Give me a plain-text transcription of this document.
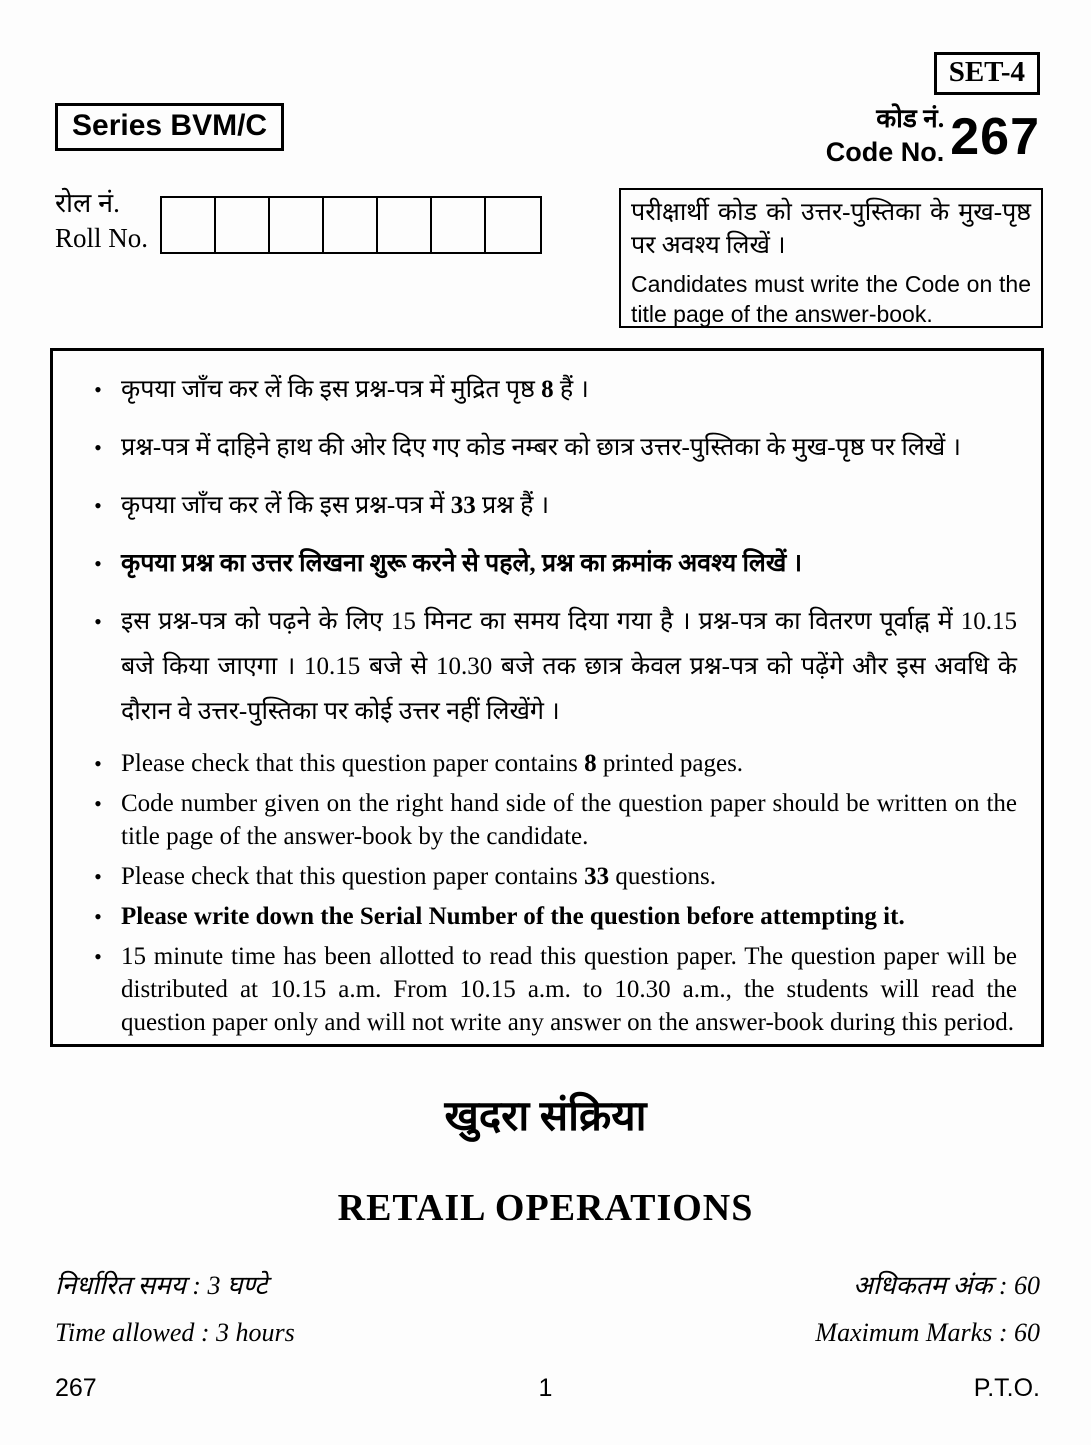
SET-4
Series BVM/C	कोड नं.
Code No. 267
रोल नं.
Roll No.
परीक्षार्थी कोड को उत्तर-पुस्तिका के मुख-पृष्ठ पर अवश्य लिखें ।
Candidates must write the Code on the title page of the answer-book.
• कृपया जाँच कर लें कि इस प्रश्न-पत्र में मुद्रित पृष्ठ 8 हैं ।
• प्रश्न-पत्र में दाहिने हाथ की ओर दिए गए कोड नम्बर को छात्र उत्तर-पुस्तिका के मुख-पृष्ठ पर लिखें ।
• कृपया जाँच कर लें कि इस प्रश्न-पत्र में 33 प्रश्न हैं ।
• कृपया प्रश्न का उत्तर लिखना शुरू करने से पहले, प्रश्न का क्रमांक अवश्य लिखें ।
• इस प्रश्न-पत्र को पढ़ने के लिए 15 मिनट का समय दिया गया है । प्रश्न-पत्र का वितरण पूर्वाह्न में 10.15 बजे किया जाएगा । 10.15 बजे से 10.30 बजे तक छात्र केवल प्रश्न-पत्र को पढ़ेंगे और इस अवधि के दौरान वे उत्तर-पुस्तिका पर कोई उत्तर नहीं लिखेंगे ।
• Please check that this question paper contains 8 printed pages.
• Code number given on the right hand side of the question paper should be written on the title page of the answer-book by the candidate.
• Please check that this question paper contains 33 questions.
• Please write down the Serial Number of the question before attempting it.
• 15 minute time has been allotted to read this question paper. The question paper will be distributed at 10.15 a.m. From 10.15 a.m. to 10.30 a.m., the students will read the question paper only and will not write any answer on the answer-book during this period.
खुदरा संक्रिया
RETAIL OPERATIONS
निर्धारित समय : 3 घण्टे	अधिकतम अंक : 60
Time allowed : 3 hours	Maximum Marks : 60
267	1	P.T.O.
